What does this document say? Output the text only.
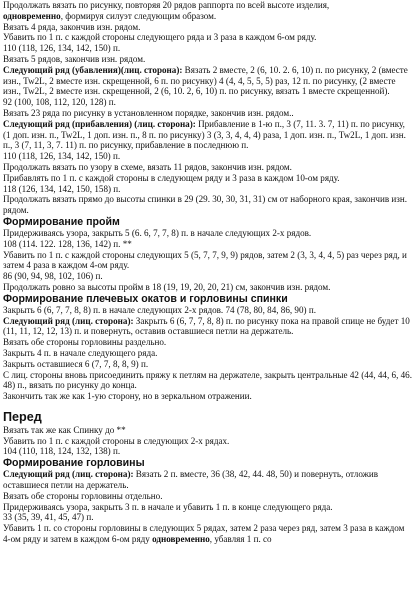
Продолжать вязать по рисунку, повторяя 20 рядов раппорта по всей высоте изделия,

одновременно, формируя силуэт следующим образом.

Вязать 4 ряда, закончив изн. рядом.

Убавить по 1 п. с каждой стороны следующего ряда и 3 раза в каждом 6-ом ряду.

110 (118, 126, 134, 142, 150) п.

Вязать 5 рядов, закончив изн. рядом.

Следующий ряд (убавления)(лиц. сторона): Вязать 2 вместе, 2 (6, 10. 2. 6, 10) п. по рисунку, 2 (вместе изн., Tw2L, 2 вместе изн. скрещенной, 6 п. по рисунку) 4 (4, 4, 5, 5, 5) раз, 12 п. по рисунку, (2 вместе изн., Tw2L, 2 вместе изн. скрещенной, 2 (6, 10. 2, 6, 10) п. по рисунку, вязать 1 вместе скрещенной).

92 (100, 108, 112, 120, 128) п.

Вязать 23 ряда по рисунку в установленном порядке, закончив изн. рядом..

Следующий ряд (прибавления) (лиц. сторона): Прибавление в 1-ю п., 3 (7, 11. 3. 7, 11) п. по рисунку, (1 доп. изн. п., Tw2L, 1 доп. изн. п., 8 п. по рисунку) 3 (3, 3, 4, 4, 4) раза, 1 доп. изн. п., Tw2L, 1 доп. изн. п., 3 (7, 11, 3, 7. 11) п. по рисунку, прибавление в последнюю п.

110 (118, 126, 134, 142, 150) п.

Продолжать вязать по узору в схеме, вязать 11 рядов, закончив изн. рядом.

Прибавлять по 1 п. с каждой стороны в следующем ряду и 3 раза в каждом 10-ом ряду.

118 (126, 134, 142, 150, 158) п.

Продолжать вязать прямо до высоты спинки в 29 (29. 30, 30, 31, 31) см от наборного края, закончив изн. рядом.

Формирование пройм

Придерживаясь узора, закрыть 5 (6. 6, 7, 7, 8) п. в начале следующих 2-х рядов.

108 (114. 122. 128, 136, 142) п. **

Убавить по 1 п. с каждой стороны следующих 5 (5, 7, 7, 9, 9) рядов, затем 2 (3, 3, 4, 4, 5) раз через ряд, и затем 4 раза в каждом 4-ом ряду.

86 (90, 94, 98, 102, 106) п.

Продолжать ровно за высоты пройм в 18 (19, 19, 20, 20, 21) см, закончив изн. рядом.

Формирование плечевых окатов и горловины спинки

Закрыть 6 (6, 7, 7, 8, 8) п. в начале следующих 2-х рядов. 74 (78, 80, 84, 86, 90) п.

Следующий ряд (лиц. сторона): Закрыть 6 (6, 7, 7, 8, 8) п. по рисунку пока на правой спице не будет 10 (11, 11, 12, 12, 13) п. и повернуть, оставив оставшиеся петли на держатель.

Вязать обе стороны горловины раздельно.

Закрыть 4 п. в начале следующего ряда.

Закрыть оставшиеся 6 (7, 7, 8, 8, 9) п.

С лиц. стороны вновь присоединить пряжу к петлям на держателе, закрыть центральные 42 (44, 44, 6, 46. 48) п., вязать по рисунку до конца.

Закончить так же как 1-ую сторону, но в зеркальном отражении.

Перед

Вязать так же как Спинку до **

Убавить по 1 п. с каждой стороны в следующих 2-х рядах.

104 (110, 118, 124, 132, 138) п.

Формирование горловины

Следующий ряд (лиц. сторона): Вязать 2 п. вместе, 36 (38, 42, 44. 48, 50) и повернуть, отложив оставшиеся петли на держатель.

Вязать обе стороны горловины отдельно.

Придерживаясь узора, закрыть 3 п. в начале и убавить 1 п. в конце следующего ряда.

33 (35, 39, 41, 45, 47) п.

Убавить 1 п. со стороны горловины в следующих 5 рядах, затем 2 раза через ряд, затем 3 раза в каждом 4-ом ряду и затем в каждом 6-ом ряду одновременно, убавляя 1 п. со
